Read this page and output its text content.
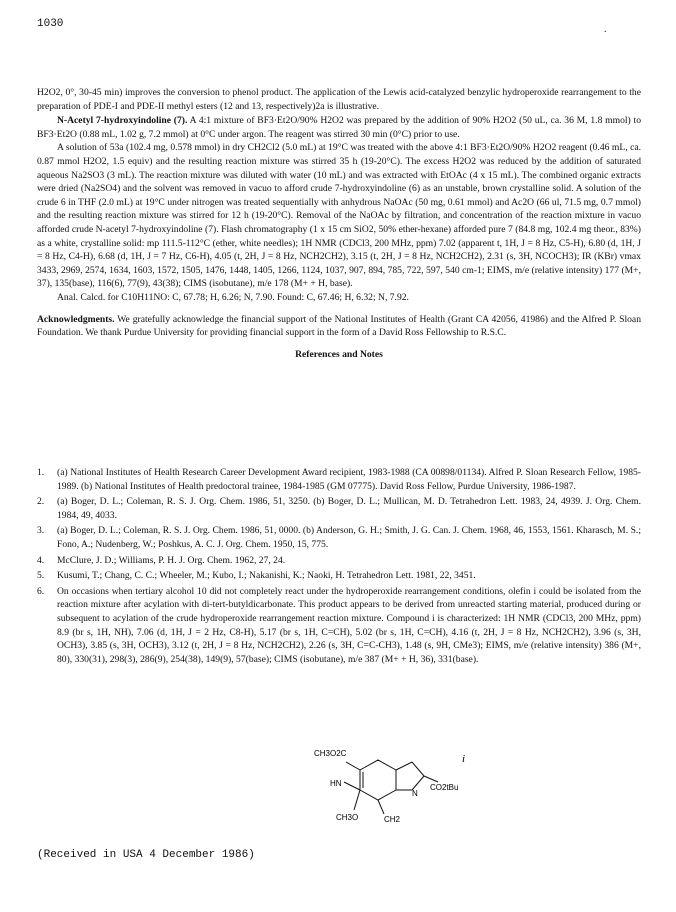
1030	.

H2O2, 0°, 30-45 min) improves the conversion to phenol product. The application of the Lewis acid-catalyzed benzylic hydroperoxide rearrangement to the preparation of PDE-I and PDE-II methyl esters (12 and 13, respectively)2a is illustrative.

N-Acetyl 7-hydroxyindoline (7). A 4:1 mixture of BF3·Et2O/90% H2O2 was prepared by the addition of 90% H2O2 (50 uL, ca. 36 M, 1.8 mmol) to BF3·Et2O (0.88 mL, 1.02 g, 7.2 mmol) at 0°C under argon. The reagent was stirred 30 min (0°C) prior to use.

A solution of 53a (102.4 mg, 0.578 mmol) in dry CH2Cl2 (5.0 mL) at 19°C was treated with the above 4:1 BF3·Et2O/90% H2O2 reagent (0.46 mL, ca. 0.87 mmol H2O2, 1.5 equiv) and the resulting reaction mixture was stirred 35 h (19-20°C). The excess H2O2 was reduced by the addition of saturated aqueous Na2SO3 (3 mL). The reaction mixture was diluted with water (10 mL) and was extracted with EtOAc (4 x 15 mL). The combined organic extracts were dried (Na2SO4) and the solvent was removed in vacuo to afford crude 7-hydroxyindoline (6) as an unstable, brown crystalline solid. A solution of the crude 6 in THF (2.0 mL) at 19°C under nitrogen was treated sequentially with anhydrous NaOAc (50 mg, 0.61 mmol) and Ac2O (66 ul, 71.5 mg, 0.7 mmol) and the resulting reaction mixture was stirred for 12 h (19-20°C). Removal of the NaOAc by filtration, and concentration of the reaction mixture in vacuo afforded crude N-acetyl 7-hydroxyindoline (7). Flash chromatography (1 x 15 cm SiO2, 50% ether-hexane) afforded pure 7 (84.8 mg, 102.4 mg theor., 83%) as a white, crystalline solid: mp 111.5-112°C (ether, white needles); 1H NMR (CDCl3, 200 MHz, ppm) 7.02 (apparent t, 1H, J = 8 Hz, C5-H), 6.80 (d, 1H, J = 8 Hz, C4-H), 6.68 (d, 1H, J = 7 Hz, C6-H), 4.05 (t, 2H, J = 8 Hz, NCH2CH2), 3.15 (t, 2H, J = 8 Hz, NCH2CH2), 2.31 (s, 3H, NCOCH3); IR (KBr) vmax 3433, 2969, 2574, 1634, 1603, 1572, 1505, 1476, 1448, 1405, 1266, 1124, 1037, 907, 894, 785, 722, 597, 540 cm-1; EIMS, m/e (relative intensity) 177 (M+, 37), 135(base), 116(6), 77(9), 43(38); CIMS (isobutane), m/e 178 (M+ + H, base).

Anal. Calcd. for C10H11NO: C, 67.78; H, 6.26; N, 7.90. Found: C, 67.46; H, 6.32; N, 7.92.

Acknowledgments. We gratefully acknowledge the financial support of the National Institutes of Health (Grant CA 42056, 41986) and the Alfred P. Sloan Foundation. We thank Purdue University for providing financial support in the form of a David Ross Fellowship to R.S.C.

References and Notes

1.	(a) National Institutes of Health Research Career Development Award recipient, 1983-1988 (CA 00898/01134). Alfred P. Sloan Research Fellow, 1985-1989. (b) National Institutes of Health predoctoral trainee, 1984-1985 (GM 07775). David Ross Fellow, Purdue University, 1986-1987.
2.	(a) Boger, D. L.; Coleman, R. S. J. Org. Chem. 1986, 51, 3250. (b) Boger, D. L.; Mullican, M. D. Tetrahedron Lett. 1983, 24, 4939. J. Org. Chem. 1984, 49, 4033.
3.	(a) Boger, D. L.; Coleman, R. S. J. Org. Chem. 1986, 51, 0000. (b) Anderson, G. H.; Smith, J. G. Can. J. Chem. 1968, 46, 1553, 1561. Kharasch, M. S.; Fono, A.; Nudenberg, W.; Poshkus, A. C. J. Org. Chem. 1950, 15, 775.
4.	McClure, J. D.; Williams, P. H. J. Org. Chem. 1962, 27, 24.
5.	Kusumi, T.; Chang, C. C.; Wheeler, M.; Kubo, I.; Nakanishi, K.; Naoki, H. Tetrahedron Lett. 1981, 22, 3451.
6.	On occasions when tertiary alcohol 10 did not completely react under the hydroperoxide rearrangement conditions, olefin i could be isolated from the reaction mixture after acylation with di-tert-butyldicarbonate. This product appears to be derived from unreacted starting material, produced during or subsequent to acylation of the crude hydroperoxide rearrangement reaction mixture. Compound i is characterized: 1H NMR (CDCl3, 200 MHz, ppm) 8.9 (br s, 1H, NH), 7.06 (d, 1H, J = 2 Hz, C8-H), 5.17 (br s, 1H, C=CH), 5.02 (br s, 1H, C=CH), 4.16 (t, 2H, J = 8 Hz, NCH2CH2), 3.96 (s, 3H, OCH3), 3.85 (s, 3H, OCH3), 3.12 (t, 2H, J = 8 Hz, NCH2CH2), 2.26 (s, 3H, C=C-CH3), 1.48 (s, 9H, CMe3); EIMS, m/e (relative intensity) 386 (M+, 80), 330(31), 298(3), 286(9), 254(38), 149(9), 57(base); CIMS (isobutane), m/e 387 (M+ + H, 36), 331(base).
CH3O2C
HN
N
CO2tBu
CH3O	CH2
i
(Received in USA 4 December 1986)
